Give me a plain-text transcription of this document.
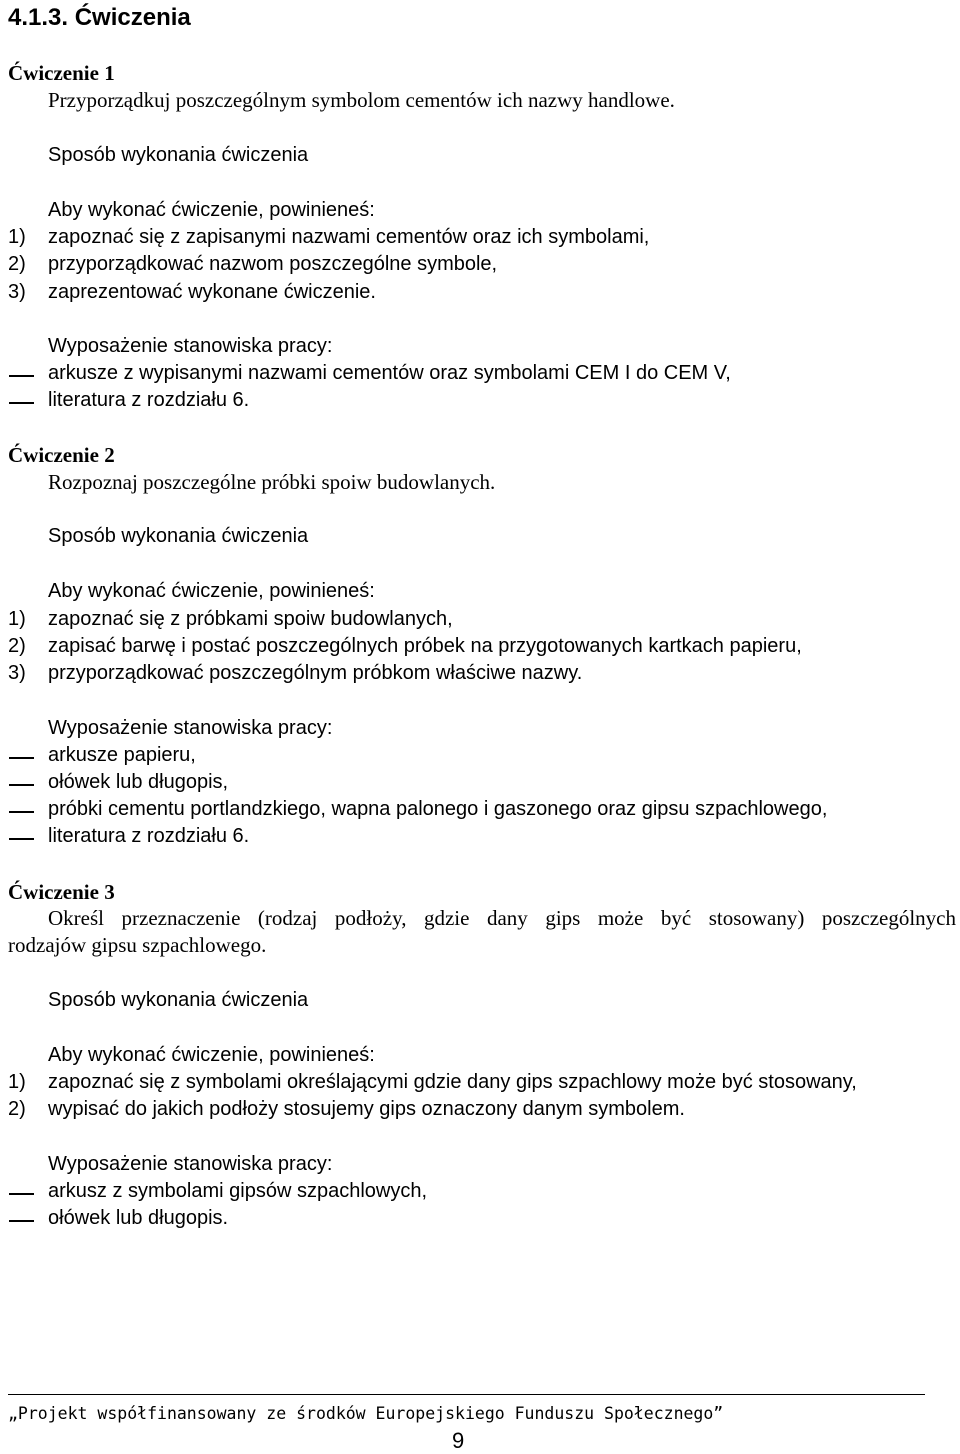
4.1.3. Ćwiczenia
Ćwiczenie 1
Przyporządkuj poszczególnym symbolom cementów ich nazwy handlowe.
Sposób wykonania ćwiczenia
Aby wykonać ćwiczenie, powinieneś:
1) zapoznać się z zapisanymi nazwami cementów oraz ich symbolami,
2) przyporządkować nazwom poszczególne symbole,
3) zaprezentować wykonane ćwiczenie.
Wyposażenie stanowiska pracy:
arkusze z wypisanymi nazwami cementów oraz symbolami CEM I do CEM V,
literatura z rozdziału 6.
Ćwiczenie 2
Rozpoznaj poszczególne próbki spoiw budowlanych.
Sposób wykonania ćwiczenia
Aby wykonać ćwiczenie, powinieneś:
1) zapoznać się z próbkami spoiw budowlanych,
2) zapisać barwę i postać poszczególnych próbek na przygotowanych kartkach papieru,
3) przyporządkować poszczególnym próbkom właściwe nazwy.
Wyposażenie stanowiska pracy:
arkusze papieru,
ołówek lub długopis,
próbki cementu portlandzkiego, wapna palonego i gaszonego oraz gipsu szpachlowego,
literatura z rozdziału 6.
Ćwiczenie 3
Określ przeznaczenie (rodzaj podłoży, gdzie dany gips może być stosowany) poszczególnych
rodzajów gipsu szpachlowego.
Sposób wykonania ćwiczenia
Aby wykonać ćwiczenie, powinieneś:
1) zapoznać się z symbolami określającymi gdzie dany gips szpachlowy może być stosowany,
2) wypisać do jakich podłoży stosujemy gips oznaczony danym symbolem.
Wyposażenie stanowiska pracy:
arkusz z symbolami gipsów szpachlowych,
ołówek lub długopis.
„Projekt współfinansowany ze środków Europejskiego Funduszu Społecznego”
9
